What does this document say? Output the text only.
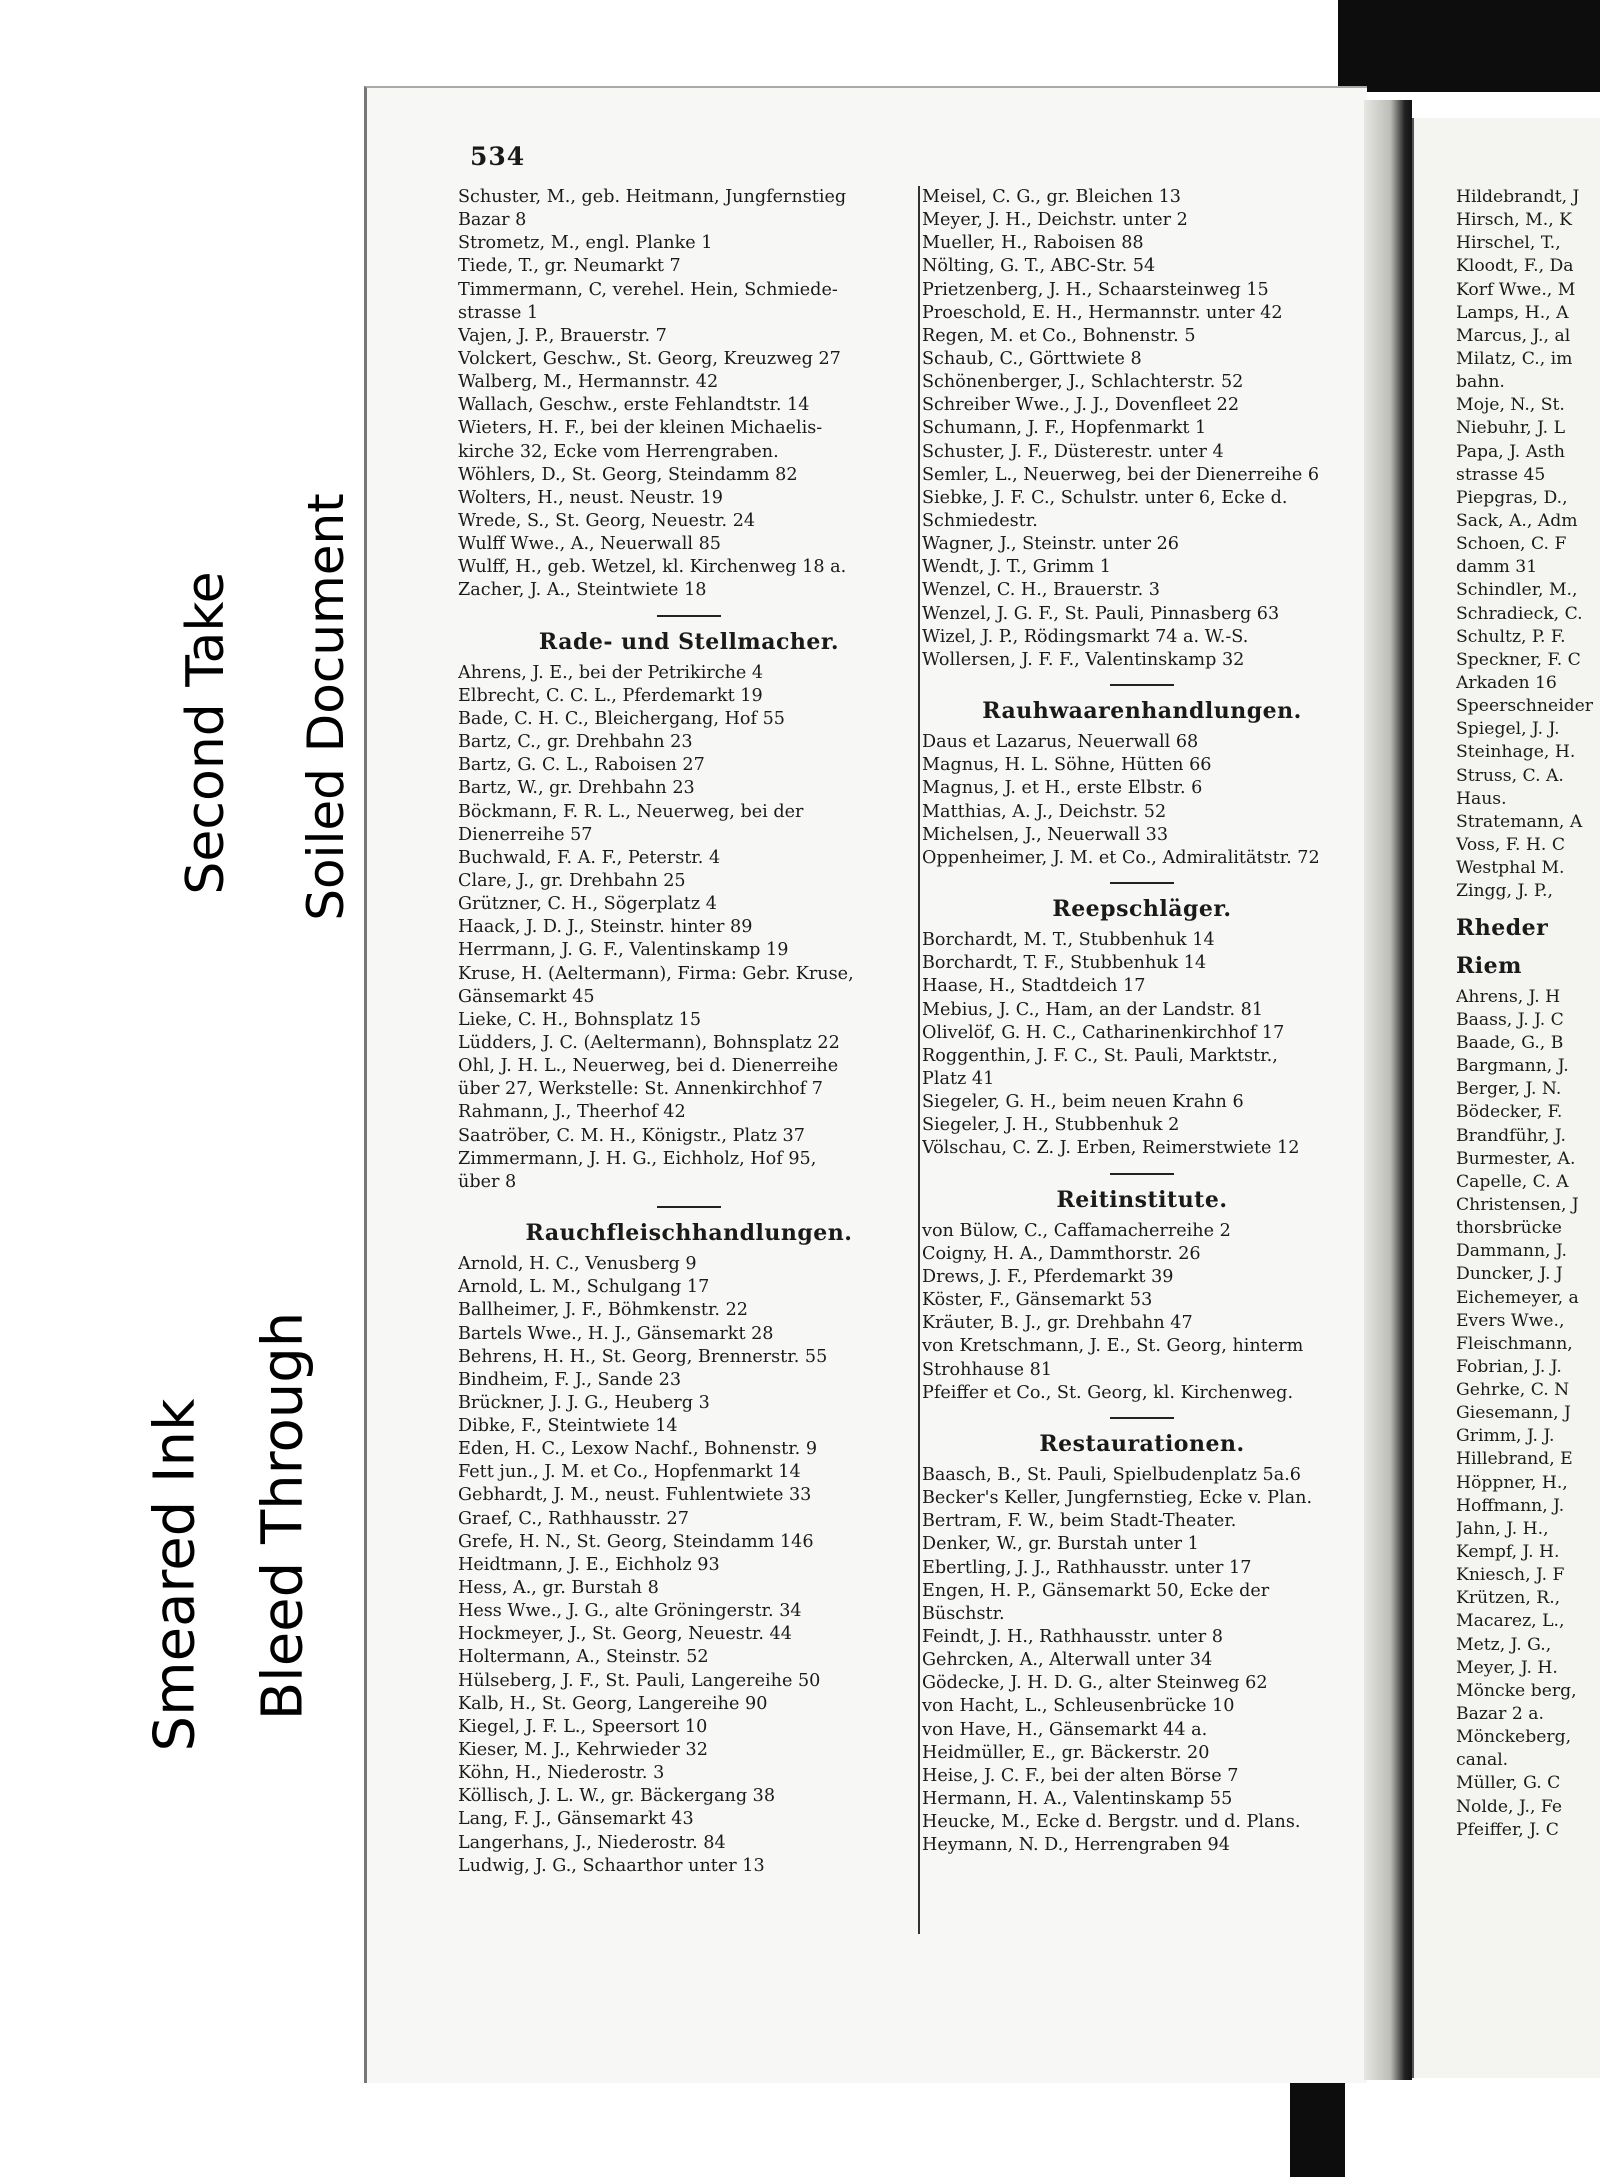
Second Take Soiled Document
Smeared Ink Bleed Through
534
Schuster, M., geb. Heitmann, Jungfernstieg
Bazar 8
Strometz, M., engl. Planke 1
Tiede, T., gr. Neumarkt 7
Timmermann, C, verehel. Hein, Schmiede-
strasse 1
Vajen, J. P., Brauerstr. 7
Volckert, Geschw., St. Georg, Kreuzweg 27
Walberg, M., Hermannstr. 42
Wallach, Geschw., erste Fehlandtstr. 14
Wieters, H. F., bei der kleinen Michaelis-
kirche 32, Ecke vom Herrengraben.
Wöhlers, D., St. Georg, Steindamm 82
Wolters, H., neust. Neustr. 19
Wrede, S., St. Georg, Neuestr. 24
Wulff Wwe., A., Neuerwall 85
Wulff, H., geb. Wetzel, kl. Kirchenweg 18 a.
Zacher, J. A., Steintwiete 18
Rade- und Stellmacher.
Ahrens, J. E., bei der Petrikirche 4
Elbrecht, C. C. L., Pferdemarkt 19
Bade, C. H. C., Bleichergang, Hof 55
Bartz, C., gr. Drehbahn 23
Bartz, G. C. L., Raboisen 27
Bartz, W., gr. Drehbahn 23
Böckmann, F. R. L., Neuerweg, bei der
Dienerreihe 57
Buchwald, F. A. F., Peterstr. 4
Clare, J., gr. Drehbahn 25
Grützner, C. H., Sögerplatz 4
Haack, J. D. J., Steinstr. hinter 89
Herrmann, J. G. F., Valentinskamp 19
Kruse, H. (Aeltermann), Firma: Gebr. Kruse,
Gänsemarkt 45
Lieke, C. H., Bohnsplatz 15
Lüdders, J. C. (Aeltermann), Bohnsplatz 22
Ohl, J. H. L., Neuerweg, bei d. Dienerreihe
über 27, Werkstelle: St. Annenkirchhof 7
Rahmann, J., Theerhof 42
Saatröber, C. M. H., Königstr., Platz 37
Zimmermann, J. H. G., Eichholz, Hof 95,
über 8
Rauchfleischhandlungen.
Arnold, H. C., Venusberg 9
Arnold, L. M., Schulgang 17
Ballheimer, J. F., Böhmkenstr. 22
Bartels Wwe., H. J., Gänsemarkt 28
Behrens, H. H., St. Georg, Brennerstr. 55
Bindheim, F. J., Sande 23
Brückner, J. J. G., Heuberg 3
Dibke, F., Steintwiete 14
Eden, H. C., Lexow Nachf., Bohnenstr. 9
Fett jun., J. M. et Co., Hopfenmarkt 14
Gebhardt, J. M., neust. Fuhlentwiete 33
Graef, C., Rathhausstr. 27
Grefe, H. N., St. Georg, Steindamm 146
Heidtmann, J. E., Eichholz 93
Hess, A., gr. Burstah 8
Hess Wwe., J. G., alte Gröningerstr. 34
Hockmeyer, J., St. Georg, Neuestr. 44
Holtermann, A., Steinstr. 52
Hülseberg, J. F., St. Pauli, Langereihe 50
Kalb, H., St. Georg, Langereihe 90
Kiegel, J. F. L., Speersort 10
Kieser, M. J., Kehrwieder 32
Köhn, H., Niederostr. 3
Köllisch, J. L. W., gr. Bäckergang 38
Lang, F. J., Gänsemarkt 43
Langerhans, J., Niederostr. 84
Ludwig, J. G., Schaarthor unter 13
Meisel, C. G., gr. Bleichen 13
Meyer, J. H., Deichstr. unter 2
Mueller, H., Raboisen 88
Nölting, G. T., ABC-Str. 54
Prietzenberg, J. H., Schaarsteinweg 15
Proeschold, E. H., Hermannstr. unter 42
Regen, M. et Co., Bohnenstr. 5
Schaub, C., Görttwiete 8
Schönenberger, J., Schlachterstr. 52
Schreiber Wwe., J. J., Dovenfleet 22
Schumann, J. F., Hopfenmarkt 1
Schuster, J. F., Düsterestr. unter 4
Semler, L., Neuerweg, bei der Dienerreihe 6
Siebke, J. F. C., Schulstr. unter 6, Ecke d.
Schmiedestr.
Wagner, J., Steinstr. unter 26
Wendt, J. T., Grimm 1
Wenzel, C. H., Brauerstr. 3
Wenzel, J. G. F., St. Pauli, Pinnasberg 63
Wizel, J. P., Rödingsmarkt 74 a. W.-S.
Wollersen, J. F. F., Valentinskamp 32
Rauhwaarenhandlungen.
Daus et Lazarus, Neuerwall 68
Magnus, H. L. Söhne, Hütten 66
Magnus, J. et H., erste Elbstr. 6
Matthias, A. J., Deichstr. 52
Michelsen, J., Neuerwall 33
Oppenheimer, J. M. et Co., Admiralitätstr. 72
Reepschläger.
Borchardt, M. T., Stubbenhuk 14
Borchardt, T. F., Stubbenhuk 14
Haase, H., Stadtdeich 17
Mebius, J. C., Ham, an der Landstr. 81
Olivelöf, G. H. C., Catharinenkirchhof 17
Roggenthin, J. F. C., St. Pauli, Marktstr.,
Platz 41
Siegeler, G. H., beim neuen Krahn 6
Siegeler, J. H., Stubbenhuk 2
Völschau, C. Z. J. Erben, Reimerstwiete 12
Reitinstitute.
von Bülow, C., Caffamacherreihe 2
Coigny, H. A., Dammthorstr. 26
Drews, J. F., Pferdemarkt 39
Köster, F., Gänsemarkt 53
Kräuter, B. J., gr. Drehbahn 47
von Kretschmann, J. E., St. Georg, hinterm
Strohhause 81
Pfeiffer et Co., St. Georg, kl. Kirchenweg.
Restaurationen.
Baasch, B., St. Pauli, Spielbudenplatz 5a.6
Becker's Keller, Jungfernstieg, Ecke v. Plan.
Bertram, F. W., beim Stadt-Theater.
Denker, W., gr. Burstah unter 1
Ebertling, J. J., Rathhausstr. unter 17
Engen, H. P., Gänsemarkt 50, Ecke der
Büschstr.
Feindt, J. H., Rathhausstr. unter 8
Gehrcken, A., Alterwall unter 34
Gödecke, J. H. D. G., alter Steinweg 62
von Hacht, L., Schleusenbrücke 10
von Have, H., Gänsemarkt 44 a.
Heidmüller, E., gr. Bäckerstr. 20
Heise, J. C. F., bei der alten Börse 7
Hermann, H. A., Valentinskamp 55
Heucke, M., Ecke d. Bergstr. und d. Plans.
Heymann, N. D., Herrengraben 94
Hildebrandt, J
Hirsch, M., K
Hirschel, T.,
Kloodt, F., Da
Korf Wwe., M
Lamps, H., A
Marcus, J., al
Milatz, C., im
bahn.
Moje, N., St.
Niebuhr, J. L
Papa, J. Asth
strasse 45
Piepgras, D.,
Sack, A., Adm
Schoen, C. F
damm 31
Schindler, M.,
Schradieck, C.
Schultz, P. F.
Speckner, F. C
Arkaden 16
Speerschneider
Spiegel, J. J.
Steinhage, H.
Struss, C. A.
Haus.
Stratemann, A
Voss, F. H. C
Westphal M.
Zingg, J. P.,
Rheder
Riem
Ahrens, J. H
Baass, J. J. C
Baade, G., B
Bargmann, J.
Berger, J. N.
Bödecker, F.
Brandführ, J.
Burmester, A.
Capelle, C. A
Christensen, J
thorsbrücke
Dammann, J.
Duncker, J. J
Eichemeyer, a
Evers Wwe.,
Fleischmann,
Fobrian, J. J.
Gehrke, C. N
Giesemann, J
Grimm, J. J.
Hillebrand, E
Höppner, H.,
Hoffmann, J.
Jahn, J. H.,
Kempf, J. H.
Kniesch, J. F
Krützen, R.,
Macarez, L.,
Metz, J. G.,
Meyer, J. H.
Möncke berg,
Bazar 2 a.
Mönckeberg,
canal.
Müller, G. C
Nolde, J., Fe
Pfeiffer, J. C
